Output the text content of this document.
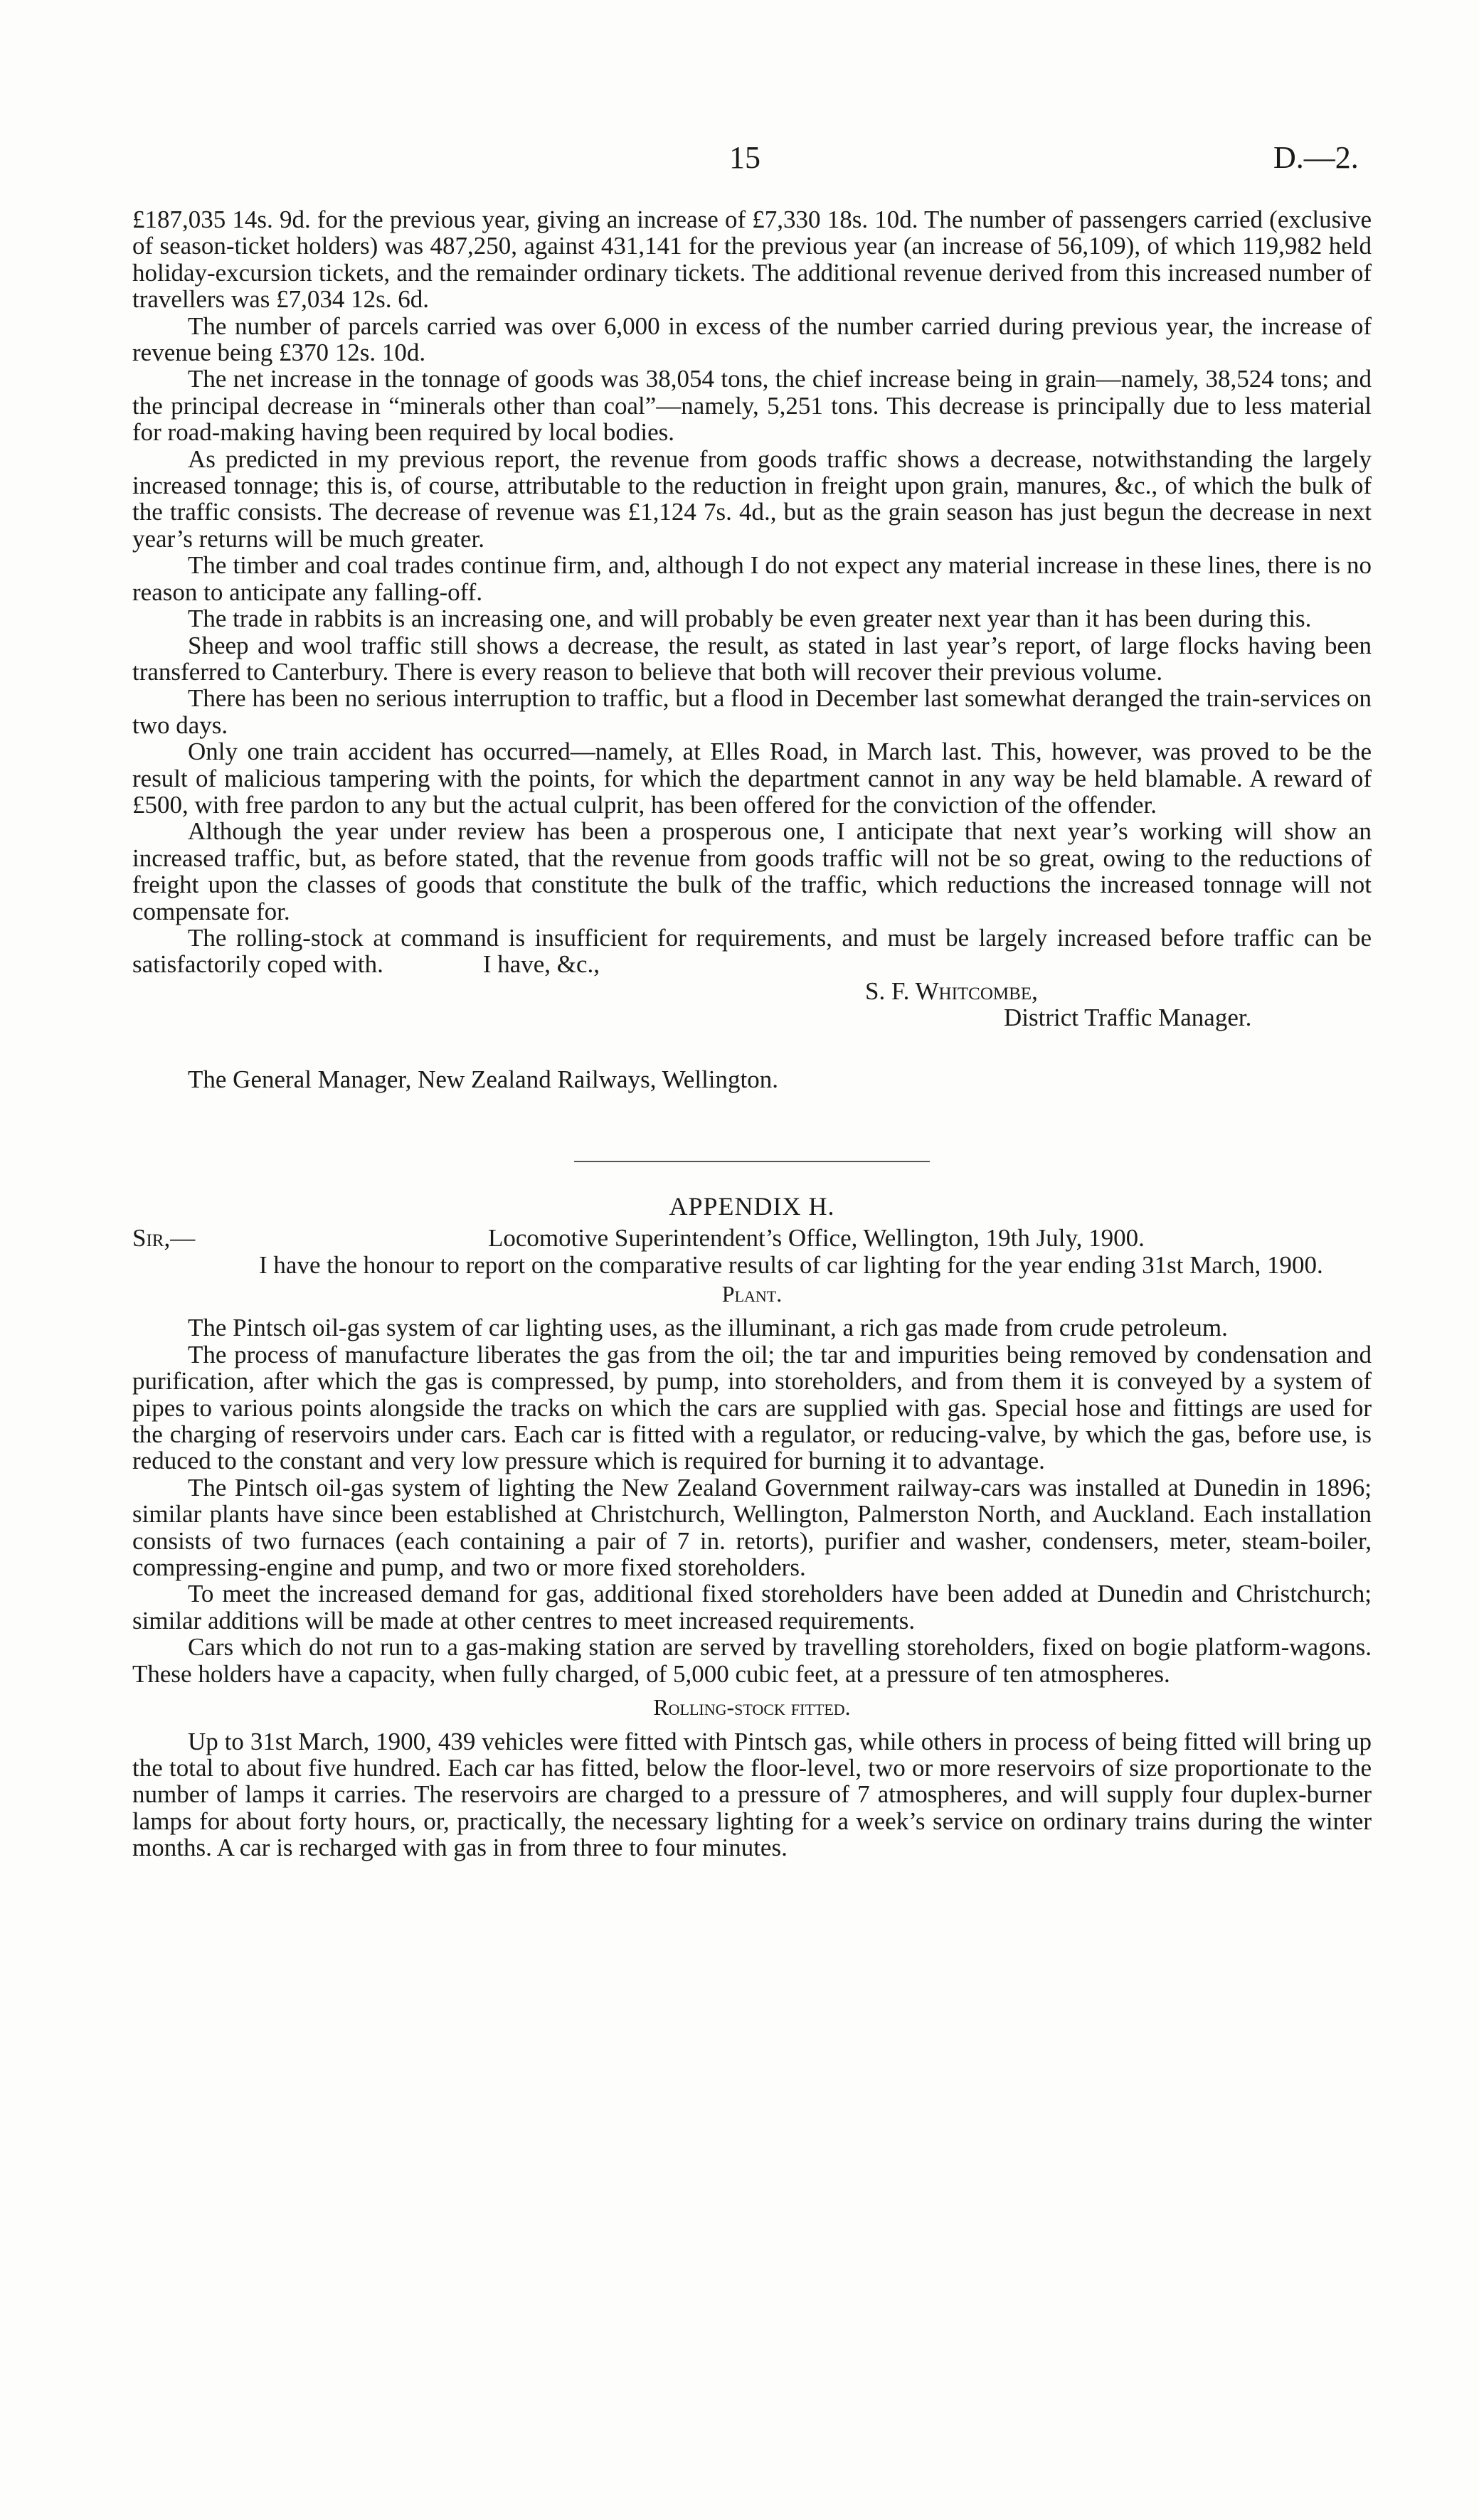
15	D.—2.

£187,035 14s. 9d. for the previous year, giving an increase of £7,330 18s. 10d. The number of passengers carried (exclusive of season-ticket holders) was 487,250, against 431,141 for the previous year (an increase of 56,109), of which 119,982 held holiday-excursion tickets, and the remainder ordinary tickets. The additional revenue derived from this increased number of travellers was £7,034 12s. 6d.

The number of parcels carried was over 6,000 in excess of the number carried during previous year, the increase of revenue being £370 12s. 10d.

The net increase in the tonnage of goods was 38,054 tons, the chief increase being in grain—namely, 38,524 tons; and the principal decrease in “minerals other than coal”—namely, 5,251 tons. This decrease is principally due to less material for road-making having been required by local bodies.

As predicted in my previous report, the revenue from goods traffic shows a decrease, notwithstanding the largely increased tonnage; this is, of course, attributable to the reduction in freight upon grain, manures, &c., of which the bulk of the traffic consists. The decrease of revenue was £1,124 7s. 4d., but as the grain season has just begun the decrease in next year’s returns will be much greater.

The timber and coal trades continue firm, and, although I do not expect any material increase in these lines, there is no reason to anticipate any falling-off.

The trade in rabbits is an increasing one, and will probably be even greater next year than it has been during this.

Sheep and wool traffic still shows a decrease, the result, as stated in last year’s report, of large flocks having been transferred to Canterbury. There is every reason to believe that both will recover their previous volume.

There has been no serious interruption to traffic, but a flood in December last somewhat deranged the train-services on two days.

Only one train accident has occurred—namely, at Elles Road, in March last. This, however, was proved to be the result of malicious tampering with the points, for which the department cannot in any way be held blamable. A reward of £500, with free pardon to any but the actual culprit, has been offered for the conviction of the offender.

Although the year under review has been a prosperous one, I anticipate that next year’s working will show an increased traffic, but, as before stated, that the revenue from goods traffic will not be so great, owing to the reductions of freight upon the classes of goods that constitute the bulk of the traffic, which reductions the increased tonnage will not compensate for.

The rolling-stock at command is insufficient for requirements, and must be largely increased before traffic can be satisfactorily coped with.                I have, &c.,

S. F. Whitcombe,
District Traffic Manager.

The General Manager, New Zealand Railways, Wellington.

APPENDIX H.
Sir,—	Locomotive Superintendent’s Office, Wellington, 19th July, 1900.

I have the honour to report on the comparative results of car lighting for the year ending 31st March, 1900.

Plant.

The Pintsch oil-gas system of car lighting uses, as the illuminant, a rich gas made from crude petroleum.

The process of manufacture liberates the gas from the oil; the tar and impurities being removed by condensation and purification, after which the gas is compressed, by pump, into storeholders, and from them it is conveyed by a system of pipes to various points alongside the tracks on which the cars are supplied with gas. Special hose and fittings are used for the charging of reservoirs under cars. Each car is fitted with a regulator, or reducing-valve, by which the gas, before use, is reduced to the constant and very low pressure which is required for burning it to advantage.

The Pintsch oil-gas system of lighting the New Zealand Government railway-cars was installed at Dunedin in 1896; similar plants have since been established at Christchurch, Wellington, Palmerston North, and Auckland. Each installation consists of two furnaces (each containing a pair of 7 in. retorts), purifier and washer, condensers, meter, steam-boiler, compressing-engine and pump, and two or more fixed storeholders.

To meet the increased demand for gas, additional fixed storeholders have been added at Dunedin and Christchurch; similar additions will be made at other centres to meet increased requirements.

Cars which do not run to a gas-making station are served by travelling storeholders, fixed on bogie platform-wagons. These holders have a capacity, when fully charged, of 5,000 cubic feet, at a pressure of ten atmospheres.

Rolling-stock fitted.

Up to 31st March, 1900, 439 vehicles were fitted with Pintsch gas, while others in process of being fitted will bring up the total to about five hundred. Each car has fitted, below the floor-level, two or more reservoirs of size proportionate to the number of lamps it carries. The reservoirs are charged to a pressure of 7 atmospheres, and will supply four duplex-burner lamps for about forty hours, or, practically, the necessary lighting for a week’s service on ordinary trains during the winter months. A car is recharged with gas in from three to four minutes.
